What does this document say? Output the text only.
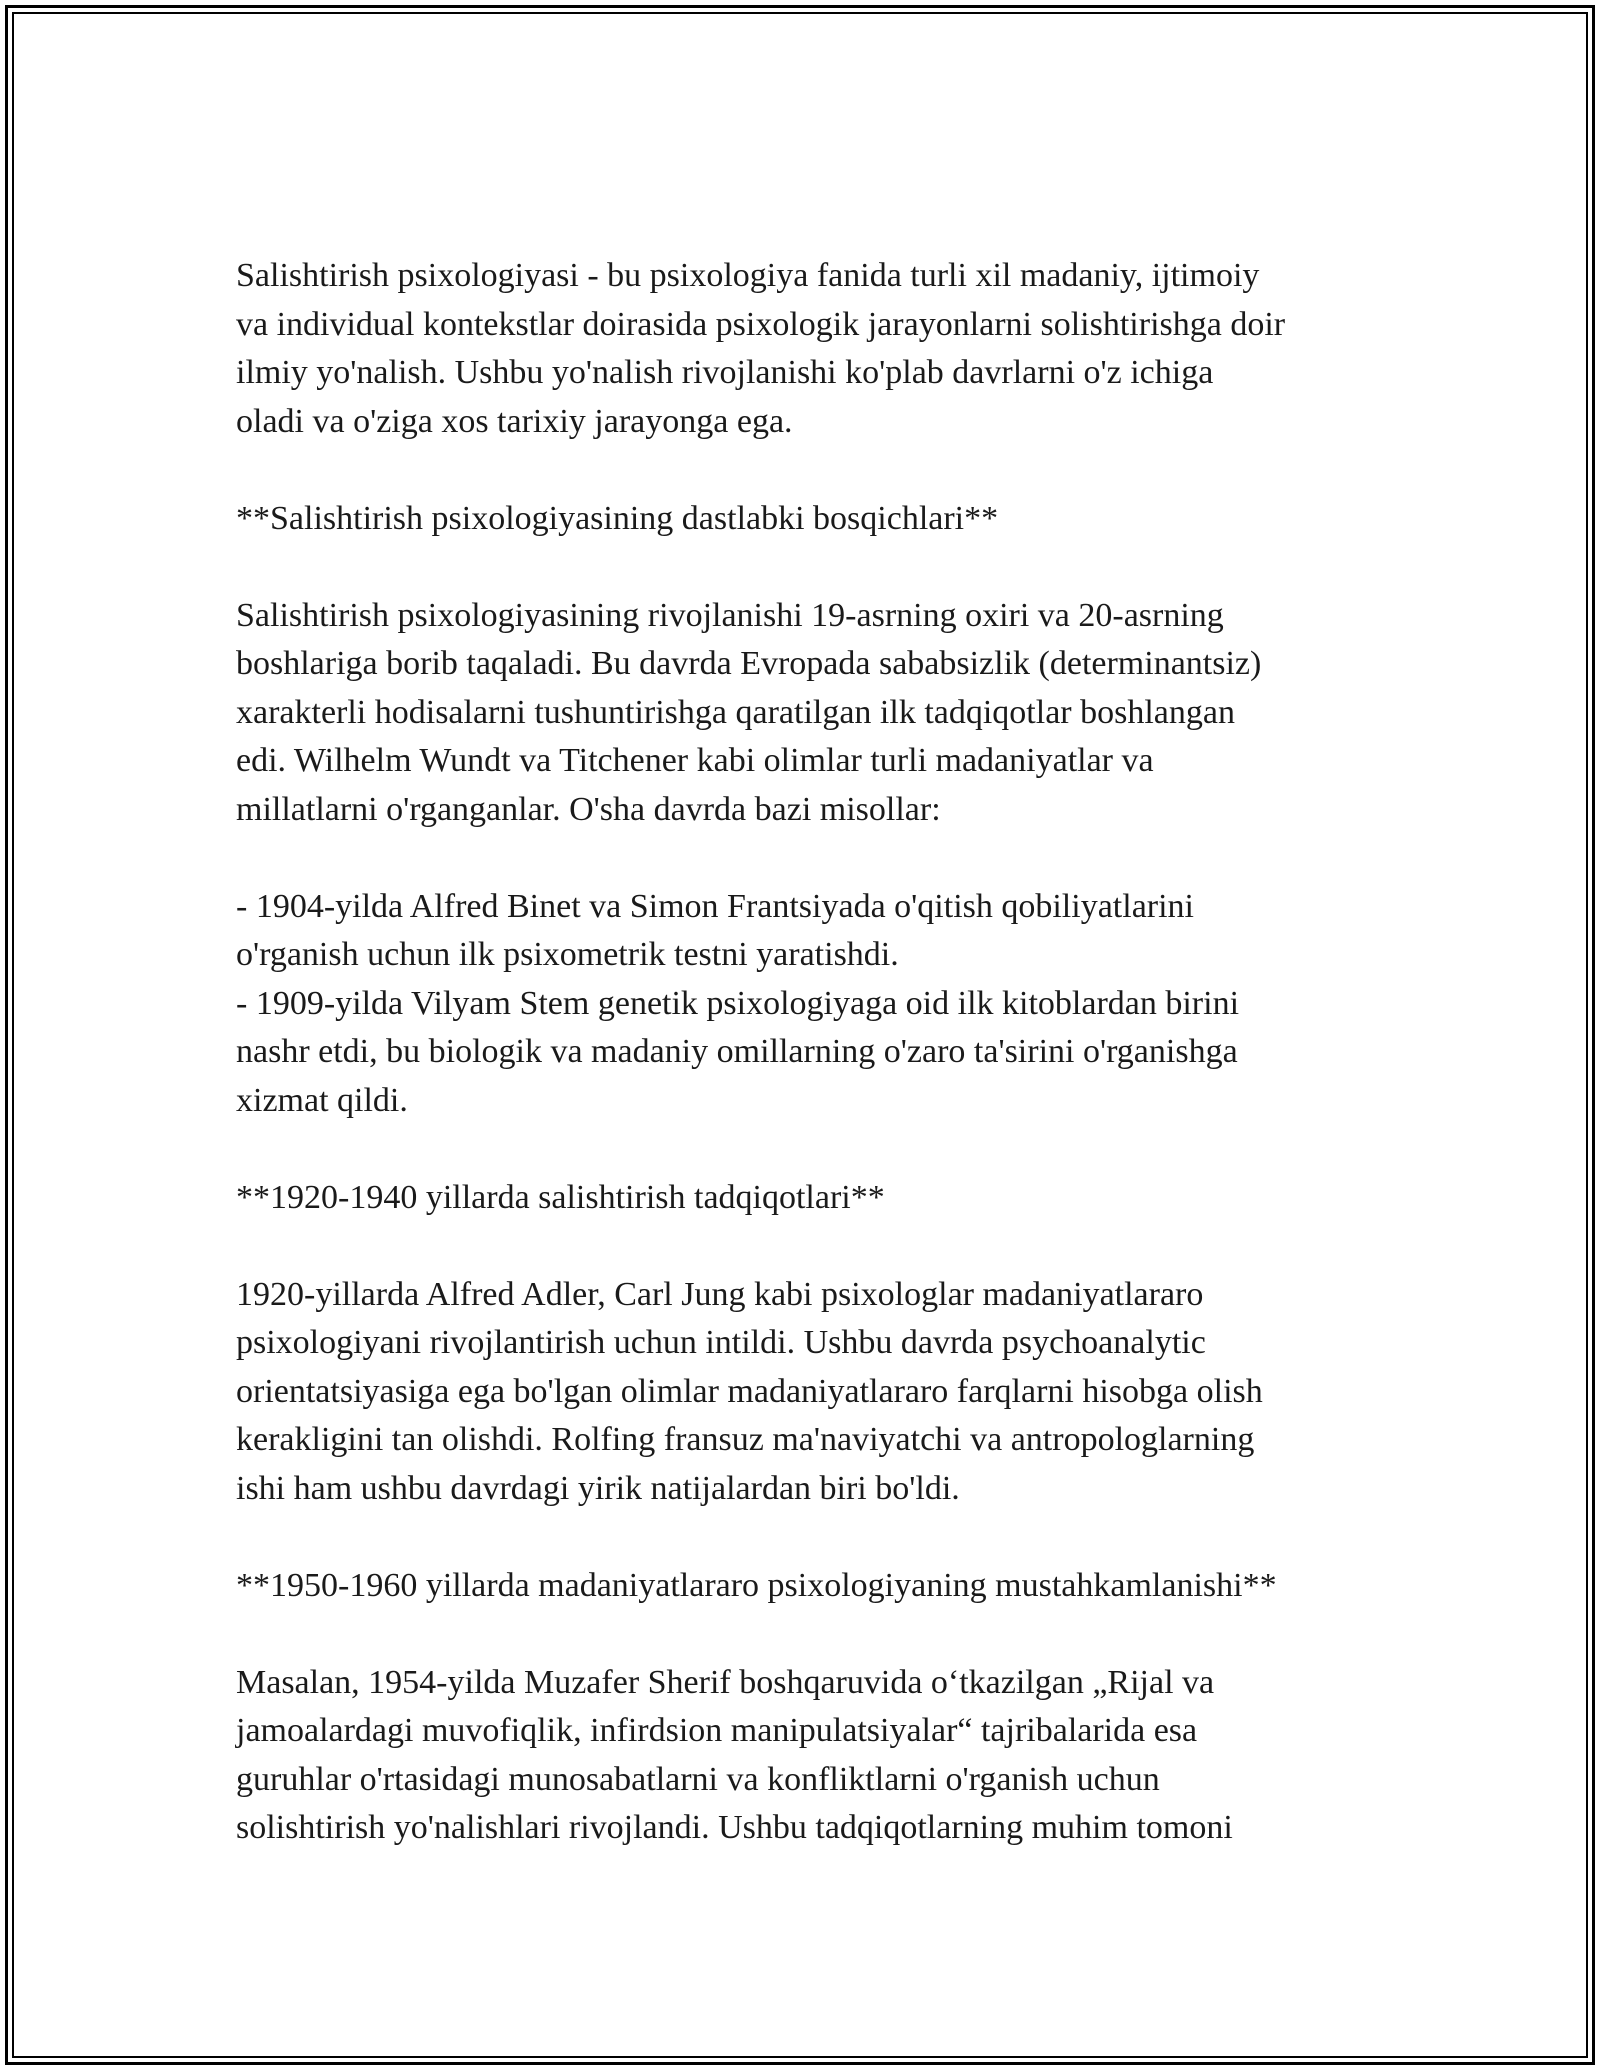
Salishtirish psixologiyasi - bu psixologiya fanida turli xil madaniy, ijtimoiy
va individual kontekstlar doirasida psixologik jarayonlarni solishtirishga doir
ilmiy yo'nalish. Ushbu yo'nalish rivojlanishi ko'plab davrlarni o'z ichiga
oladi va o'ziga xos tarixiy jarayonga ega.

**Salishtirish psixologiyasining dastlabki bosqichlari**

Salishtirish psixologiyasining rivojlanishi 19-asrning oxiri va 20-asrning
boshlariga borib taqaladi. Bu davrda Evropada sababsizlik (determinantsiz)
xarakterli hodisalarni tushuntirishga qaratilgan ilk tadqiqotlar boshlangan
edi. Wilhelm Wundt va Titchener kabi olimlar turli madaniyatlar va
millatlarni o'rganganlar. O'sha davrda bazi misollar:

- 1904-yilda Alfred Binet va Simon Frantsiyada o'qitish qobiliyatlarini
o'rganish uchun ilk psixometrik testni yaratishdi.
- 1909-yilda Vilyam Stem genetik psixologiyaga oid ilk kitoblardan birini
nashr etdi, bu biologik va madaniy omillarning o'zaro ta'sirini o'rganishga
xizmat qildi.

**1920-1940 yillarda salishtirish tadqiqotlari**

1920-yillarda Alfred Adler, Carl Jung kabi psixologlar madaniyatlararo
psixologiyani rivojlantirish uchun intildi. Ushbu davrda psychoanalytic
orientatsiyasiga ega bo'lgan olimlar madaniyatlararo farqlarni hisobga olish
kerakligini tan olishdi. Rolfing fransuz ma'naviyatchi va antropologlarning
ishi ham ushbu davrdagi yirik natijalardan biri bo'ldi.

**1950-1960 yillarda madaniyatlararo psixologiyaning mustahkamlanishi**

Masalan, 1954-yilda Muzafer Sherif boshqaruvida o‘tkazilgan „Rijal va
jamoalardagi muvofiqlik, infirdsion manipulatsiyalar“ tajribalarida esa
guruhlar o'rtasidagi munosabatlarni va konfliktlarni o'rganish uchun
solishtirish yo'nalishlari rivojlandi. Ushbu tadqiqotlarning muhim tomoni
